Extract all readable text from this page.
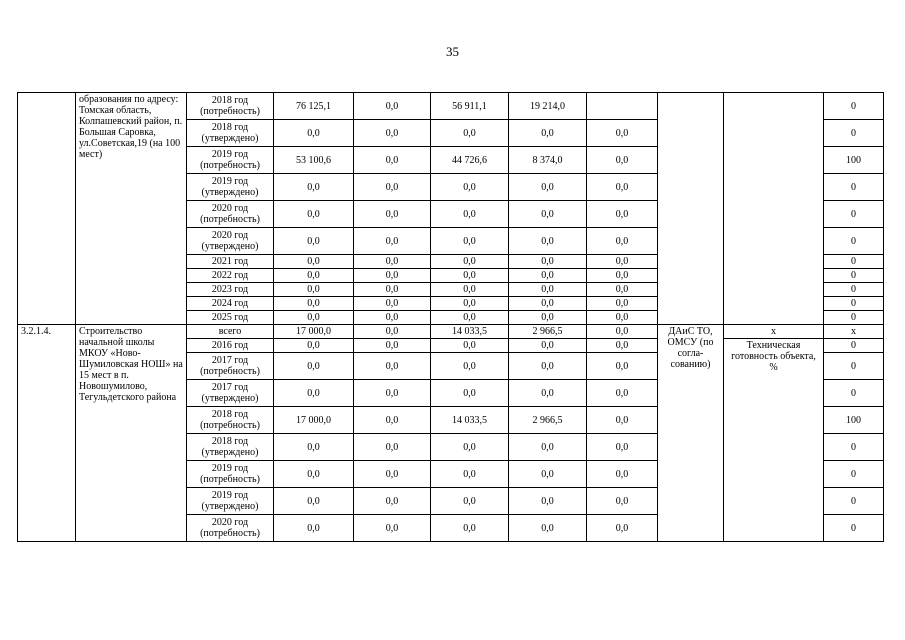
35
	образования по адресу: Томская область, Колпашевский район, п. Большая Саровка, ул.Советская,19 (на 100 мест)	2018 год (потребность)	76 125,1	0,0	56 911,1	19 214,0				0
		2018 год (утверждено)	0,0	0,0	0,0	0,0	0,0			0
		2019 год (потребность)	53 100,6	0,0	44 726,6	8 374,0	0,0			100
		2019 год (утверждено)	0,0	0,0	0,0	0,0	0,0			0
		2020 год (потребность)	0,0	0,0	0,0	0,0	0,0			0
		2020 год (утверждено)	0,0	0,0	0,0	0,0	0,0			0
		2021 год	0,0	0,0	0,0	0,0	0,0			0
		2022 год	0,0	0,0	0,0	0,0	0,0			0
		2023 год	0,0	0,0	0,0	0,0	0,0			0
		2024 год	0,0	0,0	0,0	0,0	0,0			0
		2025 год	0,0	0,0	0,0	0,0	0,0			0
3.2.1.4.	Строительство начальной школы МКОУ «Ново-Шумиловская НОШ» на 15 мест в п. Новошумилово, Тегульдетского района	всего	17 000,0	0,0	14 033,5	2 966,5	0,0	ДАиС ТО, ОМСУ (по согла-сованию)	x	x
		2016 год	0,0	0,0	0,0	0,0	0,0		Техническая готовность объекта, %	0
		2017 год (потребность)	0,0	0,0	0,0	0,0	0,0			0
		2017 год (утверждено)	0,0	0,0	0,0	0,0	0,0			0
		2018 год (потребность)	17 000,0	0,0	14 033,5	2 966,5	0,0			100
		2018 год (утверждено)	0,0	0,0	0,0	0,0	0,0			0
		2019 год (потребность)	0,0	0,0	0,0	0,0	0,0			0
		2019 год (утверждено)	0,0	0,0	0,0	0,0	0,0			0
		2020 год (потребность)	0,0	0,0	0,0	0,0	0,0			0
